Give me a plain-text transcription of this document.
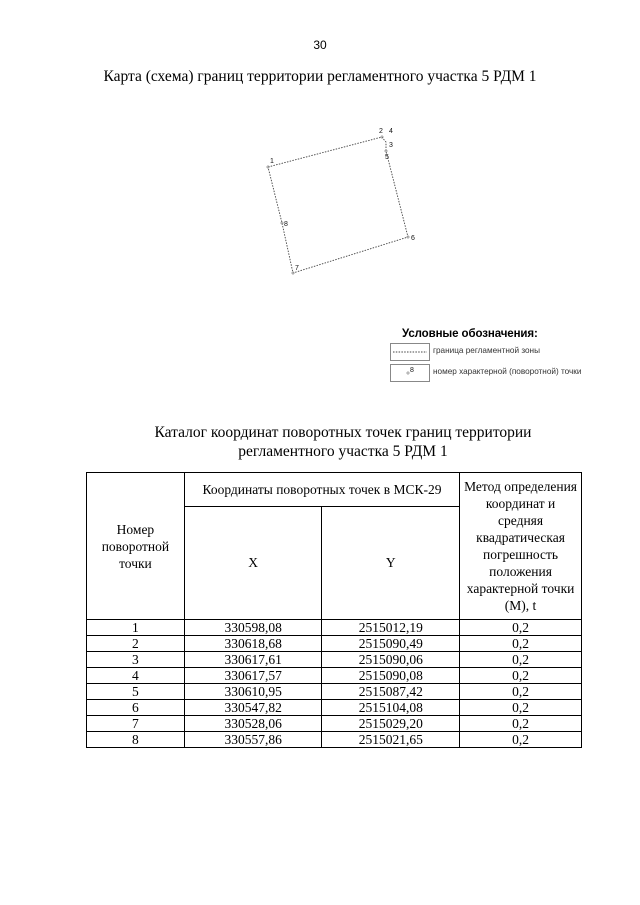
30
Карта (схема) границ территории регламентного участка 5 РДМ 1
1
2
3
4
5
6
7
8
Условные обозначения:
граница регламентной зоны
8 номер характерной (поворотной) точки
Каталог координат поворотных точек границ территории
регламентного участка 5 РДМ 1
Номер поворотной точки	Координаты поворотных точек в МСК-29		Метод определения координат и средняя квадратическая погрешность положения характерной точки (М), t
	X	Y	
1	330598,08	2515012,19	0,2
2	330618,68	2515090,49	0,2
3	330617,61	2515090,06	0,2
4	330617,57	2515090,08	0,2
5	330610,95	2515087,42	0,2
6	330547,82	2515104,08	0,2
7	330528,06	2515029,20	0,2
8	330557,86	2515021,65	0,2
